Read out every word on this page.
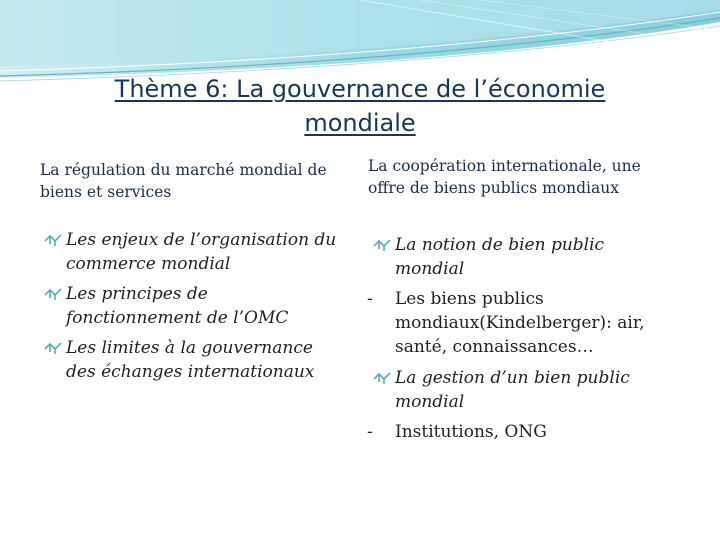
Thème 6: La gouvernance de l’économie mondiale
La régulation du marché mondial de biens et services
La coopération internationale, une offre de biens publics mondiaux
Les enjeux de l’organisation du commerce mondial
Les principes de fonctionnement de l’OMC
Les limites à la gouvernance des échanges internationaux
La notion de bien public mondial
- Les biens publics mondiaux(Kindelberger): air, santé, connaissances…
La gestion d’un bien public mondial
- Institutions, ONG
